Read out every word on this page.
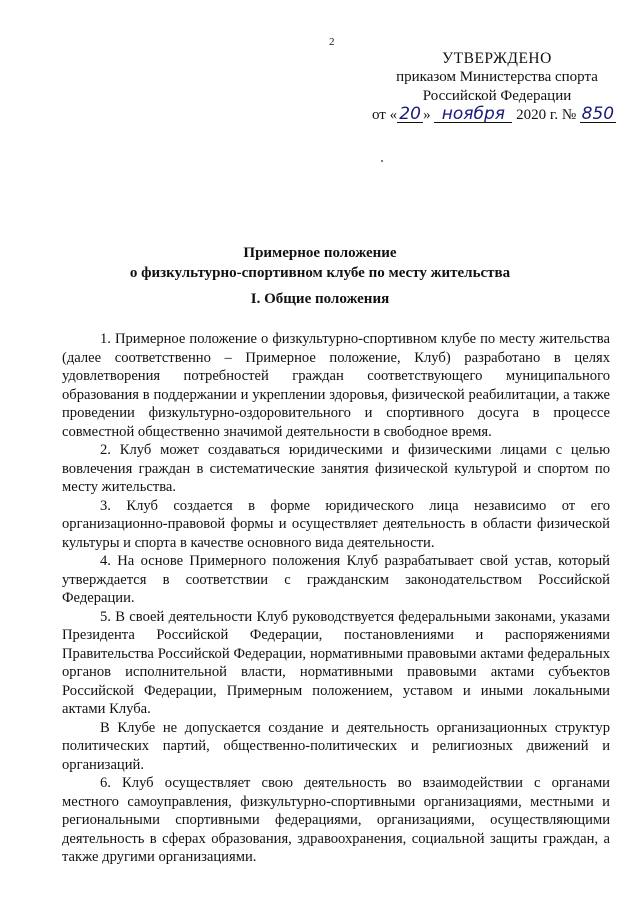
2
УТВЕРЖДЕНО
приказом Министерства спорта
Российской Федерации
от « 20 » ноября 2020 г. № 850
Примерное положение
о физкультурно-спортивном клубе по месту жительства
I. Общие положения

1. Примерное положение о физкультурно-спортивном клубе по месту жительства (далее соответственно – Примерное положение, Клуб) разработано в целях удовлетворения потребностей граждан соответствующего муниципального образования в поддержании и укреплении здоровья, физической реабилитации, а также проведении физкультурно-оздоровительного и спортивного досуга в процессе совместной общественно значимой деятельности в свободное время.

2. Клуб может создаваться юридическими и физическими лицами с целью вовлечения граждан в систематические занятия физической культурой и спортом по месту жительства.

3. Клуб создается в форме юридического лица независимо от его организационно-правовой формы и осуществляет деятельность в области физической культуры и спорта в качестве основного вида деятельности.

4. На основе Примерного положения Клуб разрабатывает свой устав, который утверждается в соответствии с гражданским законодательством Российской Федерации.

5. В своей деятельности Клуб руководствуется федеральными законами, указами Президента Российской Федерации, постановлениями и распоряжениями Правительства Российской Федерации, нормативными правовыми актами федеральных органов исполнительной власти, нормативными правовыми актами субъектов Российской Федерации, Примерным положением, уставом и иными локальными актами Клуба.

В Клубе не допускается создание и деятельность организационных структур политических партий, общественно-политических и религиозных движений и организаций.

6. Клуб осуществляет свою деятельность во взаимодействии с органами местного самоуправления, физкультурно-спортивными организациями, местными и региональными спортивными федерациями, организациями, осуществляющими деятельность в сферах образования, здравоохранения, социальной защиты граждан, а также другими организациями.
